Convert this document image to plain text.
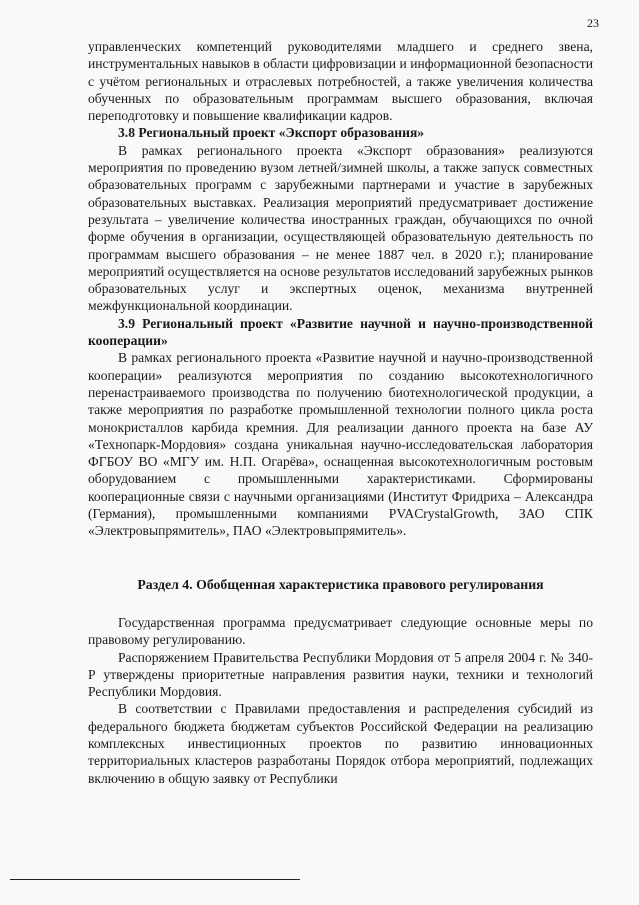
23

управленческих компетенций руководителями младшего и среднего звена, инструментальных навыков в области цифровизации и информационной безопасности с учётом региональных и отраслевых потребностей, а также увеличения количества обученных по образовательным программам высшего образования, включая переподготовку и повышение квалификации кадров.

3.8 Региональный проект «Экспорт образования»

В рамках регионального проекта «Экспорт образования» реализуются мероприятия по проведению вузом летней/зимней школы, а также запуск совместных образовательных программ с зарубежными партнерами и участие в зарубежных образовательных выставках. Реализация мероприятий предусматривает достижение результата – увеличение количества иностранных граждан, обучающихся по очной форме обучения в организации, осуществляющей образовательную деятельность по программам высшего образования – не менее 1887 чел. в 2020 г.); планирование мероприятий осуществляется на основе результатов исследований зарубежных рынков образовательных услуг и экспертных оценок, механизма внутренней межфункциональной координации.

3.9 Региональный проект «Развитие научной и научно-производственной кооперации»

В рамках регионального проекта «Развитие научной и научно-производственной кооперации» реализуются мероприятия по созданию высокотехнологичного перенастраиваемого производства по получению биотехнологической продукции, а также мероприятия по разработке промышленной технологии полного цикла роста монокристаллов карбида кремния. Для реализации данного проекта на базе АУ «Технопарк-Мордовия» создана уникальная научно-исследовательская лаборатория ФГБОУ ВО «МГУ им. Н.П. Огарёва», оснащенная высокотехнологичным ростовым оборудованием с промышленными характеристиками. Сформированы кооперационные связи с научными организациями (Институт Фридриха – Александра (Германия), промышленными компаниями PVACrystalGrowth, ЗАО СПК «Электровыпрямитель», ПАО «Электровыпрямитель».

Раздел 4. Обобщенная характеристика правового регулирования

Государственная программа предусматривает следующие основные меры по правовому регулированию.

Распоряжением Правительства Республики Мордовия от 5 апреля 2004 г. № 340-Р утверждены приоритетные направления развития науки, техники и технологий Республики Мордовия.

В соответствии с Правилами предоставления и распределения субсидий из федерального бюджета бюджетам субъектов Российской Федерации на реализацию комплексных инвестиционных проектов по развитию инновационных территориальных кластеров разработаны Порядок отбора мероприятий, подлежащих включению в общую заявку от Республики
